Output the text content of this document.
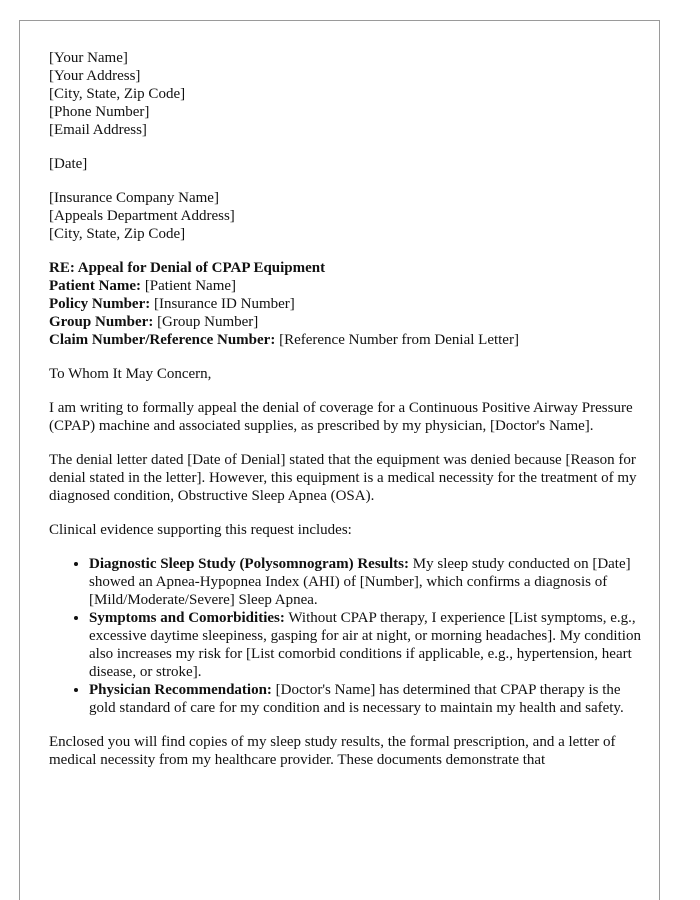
[Your Name]
[Your Address]
[City, State, Zip Code]
[Phone Number]
[Email Address]
[Date]
[Insurance Company Name]
[Appeals Department Address]
[City, State, Zip Code]
RE: Appeal for Denial of CPAP Equipment
Patient Name: [Patient Name]
Policy Number: [Insurance ID Number]
Group Number: [Group Number]
Claim Number/Reference Number: [Reference Number from Denial Letter]

To Whom It May Concern,

I am writing to formally appeal the denial of coverage for a Continuous Positive Airway Pressure (CPAP) machine and associated supplies, as prescribed by my physician, [Doctor's Name].

The denial letter dated [Date of Denial] stated that the equipment was denied because [Reason for denial stated in the letter]. However, this equipment is a medical necessity for the treatment of my diagnosed condition, Obstructive Sleep Apnea (OSA).

Clinical evidence supporting this request includes:

• Diagnostic Sleep Study (Polysomnogram) Results: My sleep study conducted on [Date] showed an Apnea-Hypopnea Index (AHI) of [Number], which confirms a diagnosis of [Mild/Moderate/Severe] Sleep Apnea.
• Symptoms and Comorbidities: Without CPAP therapy, I experience [List symptoms, e.g., excessive daytime sleepiness, gasping for air at night, or morning headaches]. My condition also increases my risk for [List comorbid conditions if applicable, e.g., hypertension, heart disease, or stroke].
• Physician Recommendation: [Doctor's Name] has determined that CPAP therapy is the gold standard of care for my condition and is necessary to maintain my health and safety.

Enclosed you will find copies of my sleep study results, the formal prescription, and a letter of medical necessity from my healthcare provider. These documents demonstrate that
